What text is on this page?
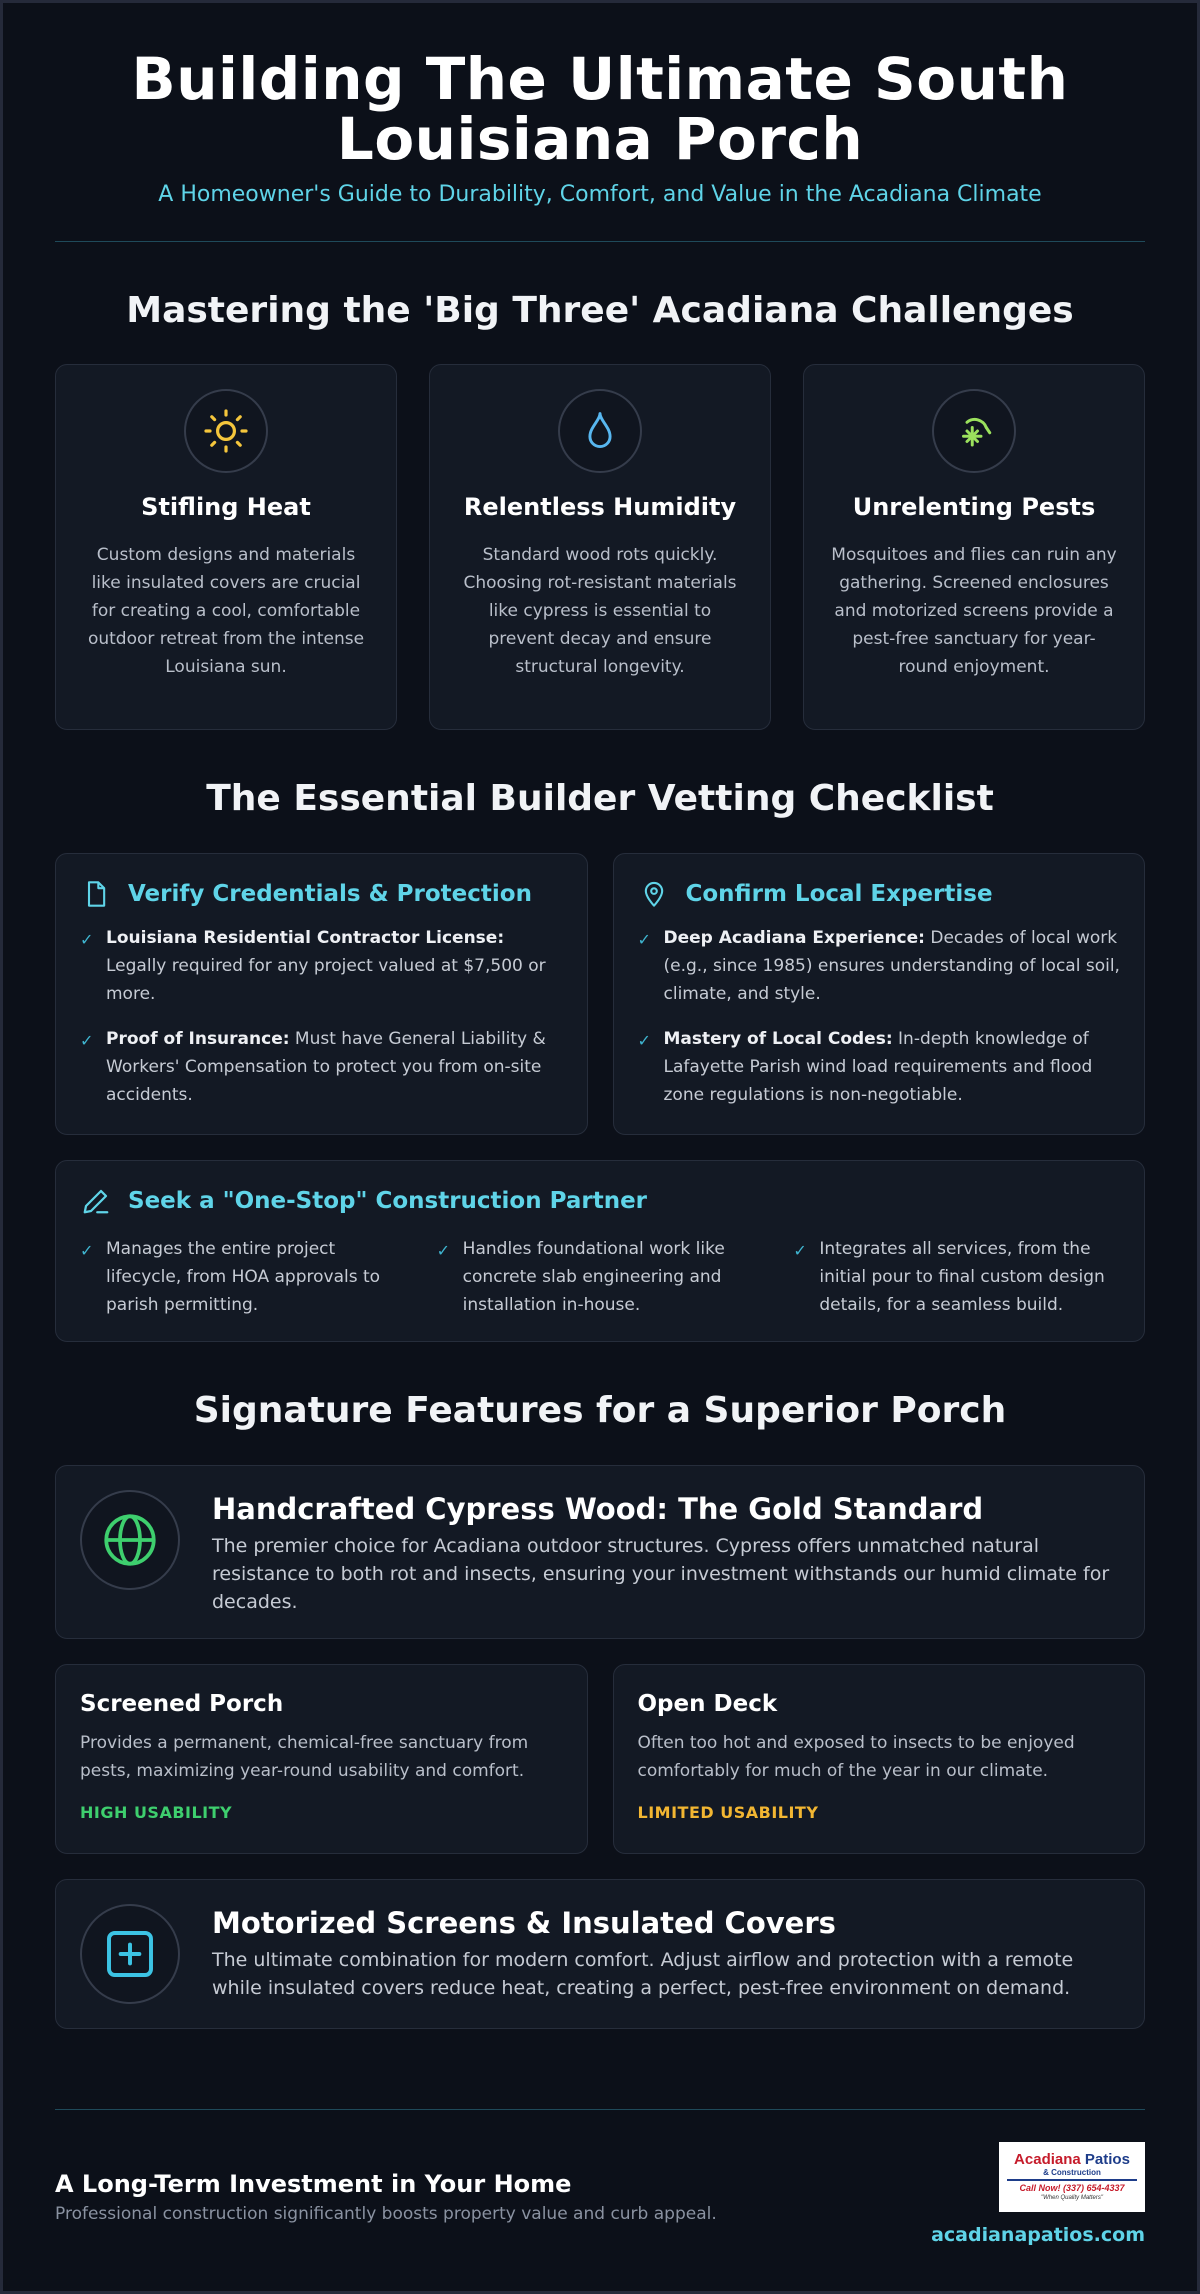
Building The Ultimate South Louisiana Porch
A Homeowner's Guide to Durability, Comfort, and Value in the Acadiana Climate
Mastering the 'Big Three' Acadiana Challenges
Stifling Heat

Custom designs and materials like insulated covers are crucial for creating a cool, comfortable outdoor retreat from the intense Louisiana sun.

Relentless Humidity

Standard wood rots quickly. Choosing rot-resistant materials like cypress is essential to prevent decay and ensure structural longevity.

Unrelenting Pests

Mosquitoes and flies can ruin any gathering. Screened enclosures and motorized screens provide a pest-free sanctuary for year-round enjoyment.

The Essential Builder Vetting Checklist
Verify Credentials & Protection
✓ Louisiana Residential Contractor License: Legally required for any project valued at $7,500 or more.
✓ Proof of Insurance: Must have General Liability & Workers' Compensation to protect you from on-site accidents.
Confirm Local Expertise
✓ Deep Acadiana Experience: Decades of local work (e.g., since 1985) ensures understanding of local soil, climate, and style.
✓ Mastery of Local Codes: In-depth knowledge of Lafayette Parish wind load requirements and flood zone regulations is non-negotiable.
Seek a "One-Stop" Construction Partner
✓ Manages the entire project lifecycle, from HOA approvals to parish permitting.
✓ Handles foundational work like concrete slab engineering and installation in-house.
✓ Integrates all services, from the initial pour to final custom design details, for a seamless build.
Signature Features for a Superior Porch
Handcrafted Cypress Wood: The Gold Standard

The premier choice for Acadiana outdoor structures. Cypress offers unmatched natural resistance to both rot and insects, ensuring your investment withstands our humid climate for decades.

Screened Porch

Provides a permanent, chemical-free sanctuary from pests, maximizing year-round usability and comfort.

HIGH USABILITY
Open Deck

Often too hot and exposed to insects to be enjoyed comfortably for much of the year in our climate.

LIMITED USABILITY
Motorized Screens & Insulated Covers

The ultimate combination for modern comfort. Adjust airflow and protection with a remote while insulated covers reduce heat, creating a perfect, pest-free environment on demand.

A Long-Term Investment in Your Home
Professional construction significantly boosts property value and curb appeal.
Acadiana Patios
& Construction
Call Now! (337) 654-4337
"When Quality Matters"
acadianapatios.com
